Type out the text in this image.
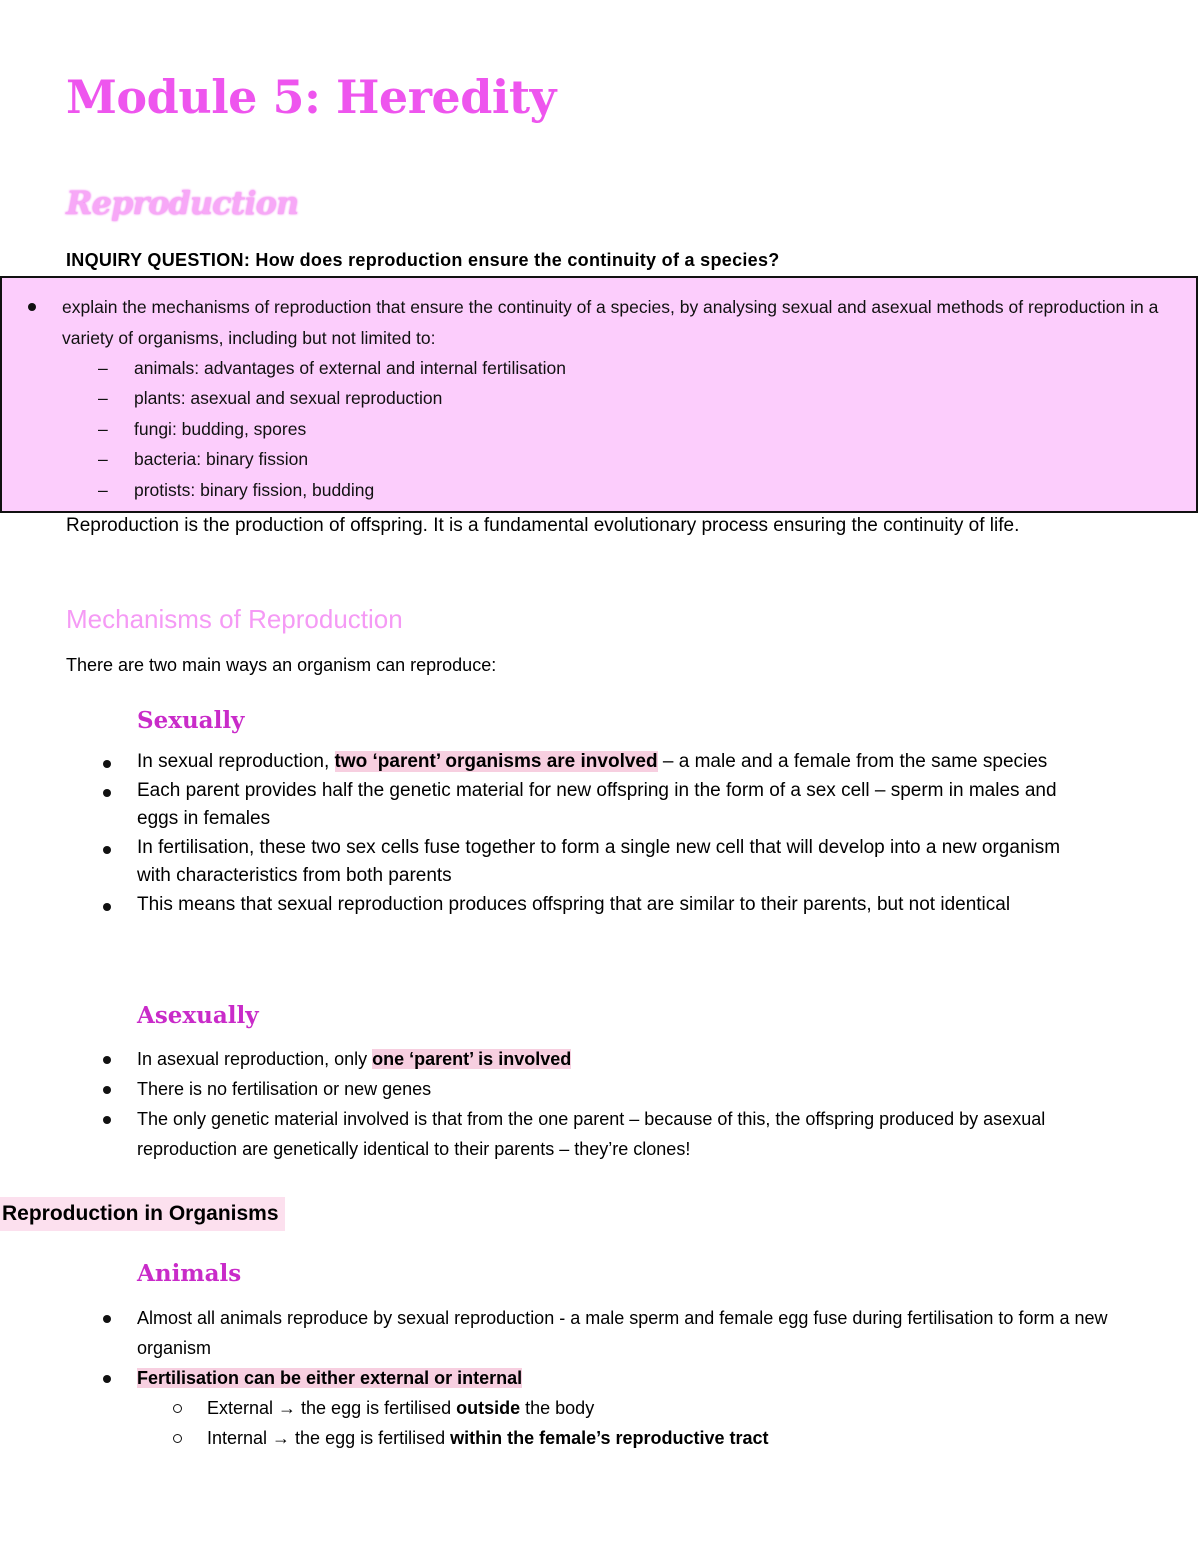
Module 5: Heredity
Reproduction
INQUIRY QUESTION: How does reproduction ensure the continuity of a species?
explain the mechanisms of reproduction that ensure the continuity of a species, by analysing sexual and asexual methods of reproduction in a variety of organisms, including but not limited to:
– animals: advantages of external and internal fertilisation
– plants: asexual and sexual reproduction
– fungi: budding, spores
– bacteria: binary fission
– protists: binary fission, budding
Reproduction is the production of offspring. It is a fundamental evolutionary process ensuring the continuity of life.
Mechanisms of Reproduction
There are two main ways an organism can reproduce:
Sexually
In sexual reproduction, two ‘parent’ organisms are involved – a male and a female from the same species
Each parent provides half the genetic material for new offspring in the form of a sex cell – sperm in males and eggs in females
In fertilisation, these two sex cells fuse together to form a single new cell that will develop into a new organism with characteristics from both parents
This means that sexual reproduction produces offspring that are similar to their parents, but not identical
Asexually
In asexual reproduction, only one ‘parent’ is involved
There is no fertilisation or new genes
The only genetic material involved is that from the one parent – because of this, the offspring produced by asexual reproduction are genetically identical to their parents – they’re clones!
Reproduction in Organisms
Animals
Almost all animals reproduce by sexual reproduction - a male sperm and female egg fuse during fertilisation to form a new organism
Fertilisation can be either external or internal
External → the egg is fertilised outside the body
Internal → the egg is fertilised within the female’s reproductive tract
